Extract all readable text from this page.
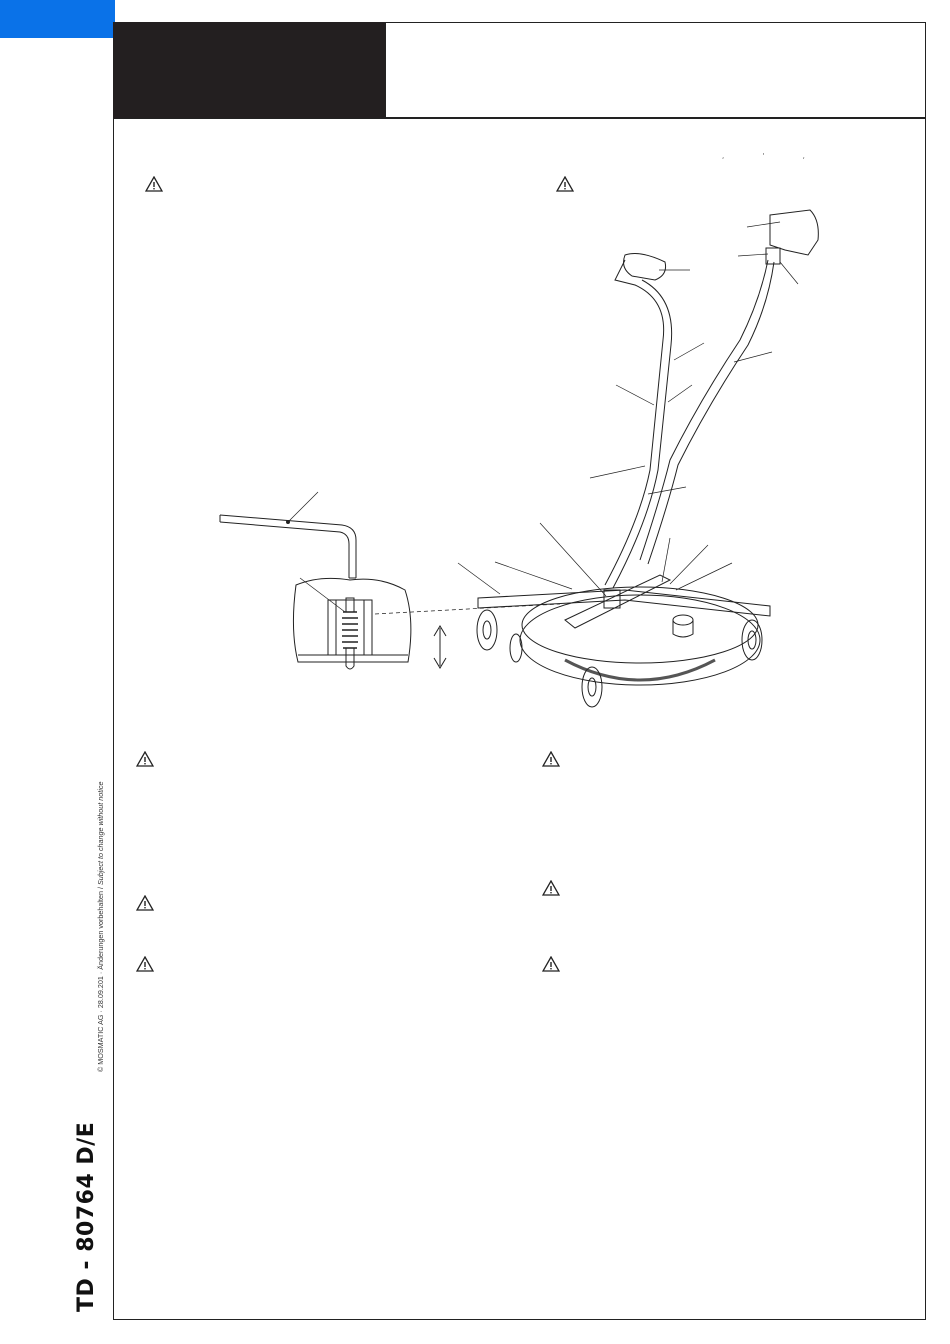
, ' ,
TD - 80764 D/E
© MOSMATIC AG · 28.09.201 · Änderungen vorbehalten / Subject to change without notice
